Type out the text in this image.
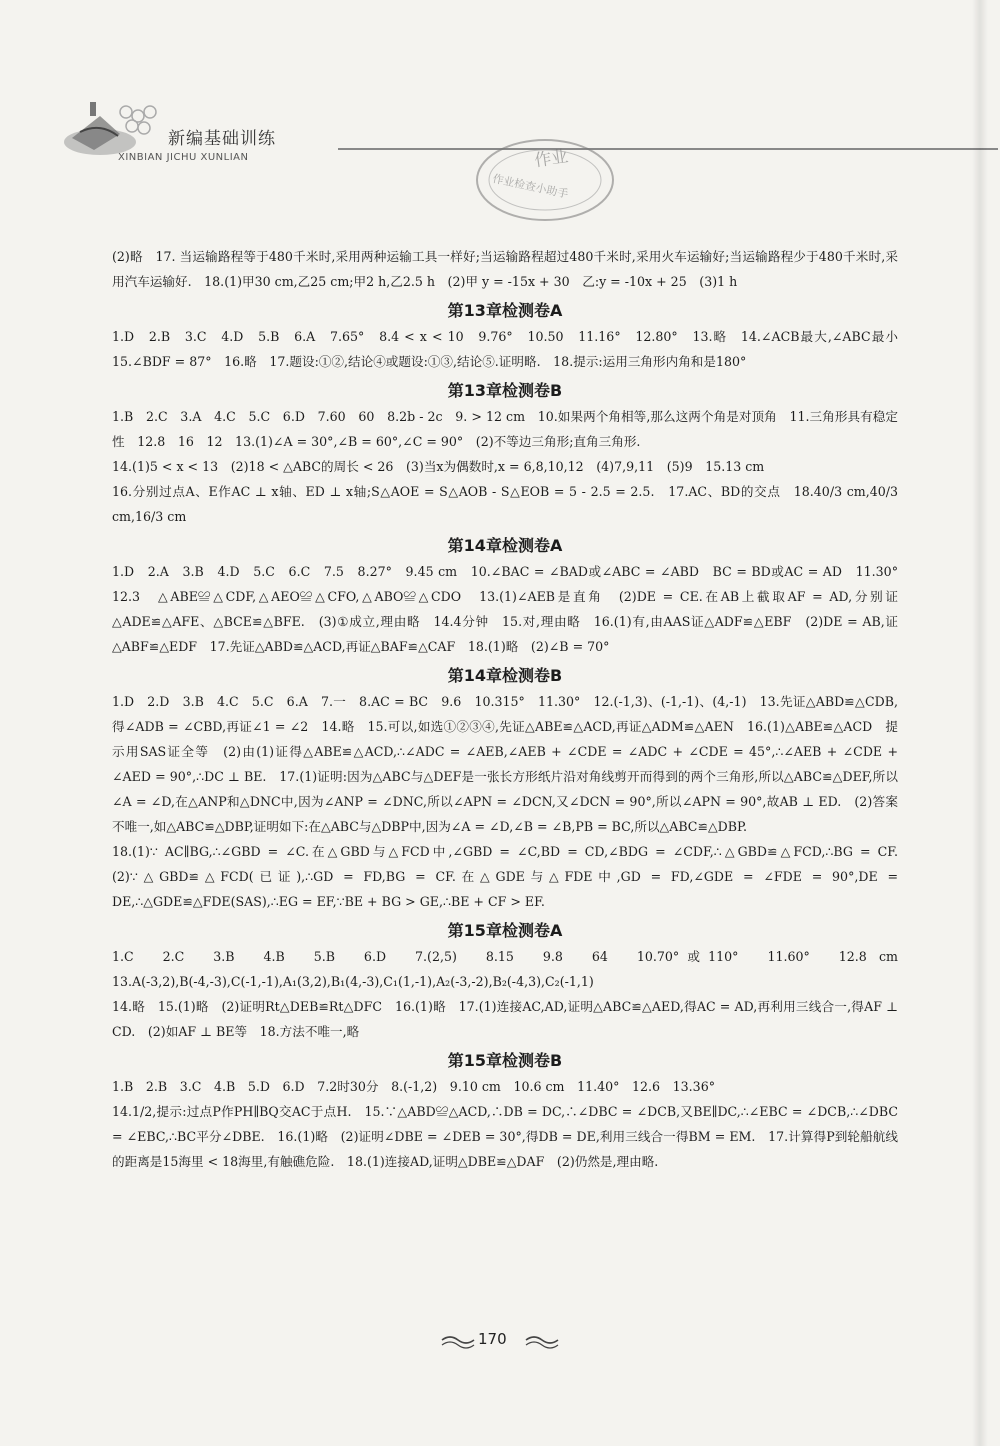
新编基础训练
XINBIAN JICHU XUNLIAN	作业
作业检查小助手

(2)略　17. 当运输路程等于480千米时,采用两种运输工具一样好;当运输路程超过480千米时,采用火车运输好;当运输路程少于480千米时,采用汽车运输好.　18.(1)甲30 cm,乙25 cm;甲2 h,乙2.5 h　(2)甲 y = -15x + 30　乙:y = -10x + 25　(3)1 h

第13章检测卷A

1.D　2.B　3.C　4.D　5.B　6.A　7.65°　8.4 < x < 10　9.76°　10.50　11.16°　12.80°　13.略　14.∠ACB最大,∠ABC最小　15.∠BDF = 87°　16.略　17.题设:①②,结论④或题设:①③,结论⑤.证明略.　18.提示:运用三角形内角和是180°

第13章检测卷B

1.B　2.C　3.A　4.C　5.C　6.D　7.60　60　8.2b - 2c　9. > 12 cm　10.如果两个角相等,那么这两个角是对顶角　11.三角形具有稳定性　12.8　16　12　13.(1)∠A = 30°,∠B = 60°,∠C = 90°　(2)不等边三角形;直角三角形.

14.(1)5 < x < 13　(2)18 < △ABC的周长 < 26　(3)当x为偶数时,x = 6,8,10,12　(4)7,9,11　(5)9　15.13 cm

16.分别过点A、E作AC ⊥ x轴、ED ⊥ x轴;S△AOE = S△AOB - S△EOB = 5 - 2.5 = 2.5.　17.AC、BD的交点　18.40/3 cm,40/3 cm,16/3 cm

第14章检测卷A

1.D　2.A　3.B　4.D　5.C　6.C　7.5　8.27°　9.45 cm　10.∠BAC = ∠BAD或∠ABC = ∠ABD　BC = BD或AC = AD　11.30°　12.3　△ABE≌△CDF,△AEO≌△CFO,△ABO≌△CDO　13.(1)∠AEB是直角　(2)DE = CE.在AB上截取AF = AD,分别证△ADE≌△AFE、△BCE≌△BFE.　(3)①成立,理由略　14.4分钟　15.对,理由略　16.(1)有,由AAS证△ADF≌△EBF　(2)DE = AB,证△ABF≌△EDF　17.先证△ABD≌△ACD,再证△BAF≌△CAF　18.(1)略　(2)∠B = 70°

第14章检测卷B

1.D　2.D　3.B　4.C　5.C　6.A　7.一　8.AC = BC　9.6　10.315°　11.30°　12.(-1,3)、(-1,-1)、(4,-1)　13.先证△ABD≌△CDB,得∠ADB = ∠CBD,再证∠1 = ∠2　14.略　15.可以,如选①②③④,先证△ABE≌△ACD,再证△ADM≌△AEN　16.(1)△ABE≌△ACD　提示用SAS证全等　(2)由(1)证得△ABE≌△ACD,∴∠ADC = ∠AEB,∠AEB + ∠CDE = ∠ADC + ∠CDE = 45°,∴∠AEB + ∠CDE + ∠AED = 90°,∴DC ⊥ BE.　17.(1)证明:因为△ABC与△DEF是一张长方形纸片沿对角线剪开而得到的两个三角形,所以△ABC≌△DEF,所以∠A = ∠D,在△ANP和△DNC中,因为∠ANP = ∠DNC,所以∠APN = ∠DCN,又∠DCN = 90°,所以∠APN = 90°,故AB ⊥ ED.　(2)答案不唯一,如△ABC≌△DBP,证明如下:在△ABC与△DBP中,因为∠A = ∠D,∠B = ∠B,PB = BC,所以△ABC≌△DBP.

18.(1)∵ AC∥BG,∴∠GBD = ∠C.在△GBD与△FCD中,∠GBD = ∠C,BD = CD,∠BDG = ∠CDF,∴△GBD≌△FCD,∴BG = CF.　(2)∵△GBD≌△FCD(已证),∴GD = FD,BG = CF.在△GDE与△FDE中,GD = FD,∠GDE = ∠FDE = 90°,DE = DE,∴△GDE≌△FDE(SAS),∴EG = EF,∵BE + BG > GE,∴BE + CF > EF.

第15章检测卷A

1.C　2.C　3.B　4.B　5.B　6.D　7.(2,5)　8.15　9.8　64　10.70°或110°　11.60°　12.8 cm　13.A(-3,2),B(-4,-3),C(-1,-1),A₁(3,2),B₁(4,-3),C₁(1,-1),A₂(-3,-2),B₂(-4,3),C₂(-1,1)

14.略　15.(1)略　(2)证明Rt△DEB≌Rt△DFC　16.(1)略　17.(1)连接AC,AD,证明△ABC≌△AED,得AC = AD,再利用三线合一,得AF ⊥ CD.　(2)如AF ⊥ BE等　18.方法不唯一,略

第15章检测卷B

1.B　2.B　3.C　4.B　5.D　6.D　7.2时30分　8.(-1,2)　9.10 cm　10.6 cm　11.40°　12.6　13.36°

14.1/2,提示:过点P作PH∥BQ交AC于点H.　15.∵△ABD≌△ACD,∴DB = DC,∴∠DBC = ∠DCB,又BE∥DC,∴∠EBC = ∠DCB,∴∠DBC = ∠EBC,∴BC平分∠DBE.　16.(1)略　(2)证明∠DBE = ∠DEB = 30°,得DB = DE,利用三线合一得BM = EM.　17.计算得P到轮船航线的距离是15海里 < 18海里,有触礁危险.　18.(1)连接AD,证明△DBE≌△DAF　(2)仍然是,理由略.

170
